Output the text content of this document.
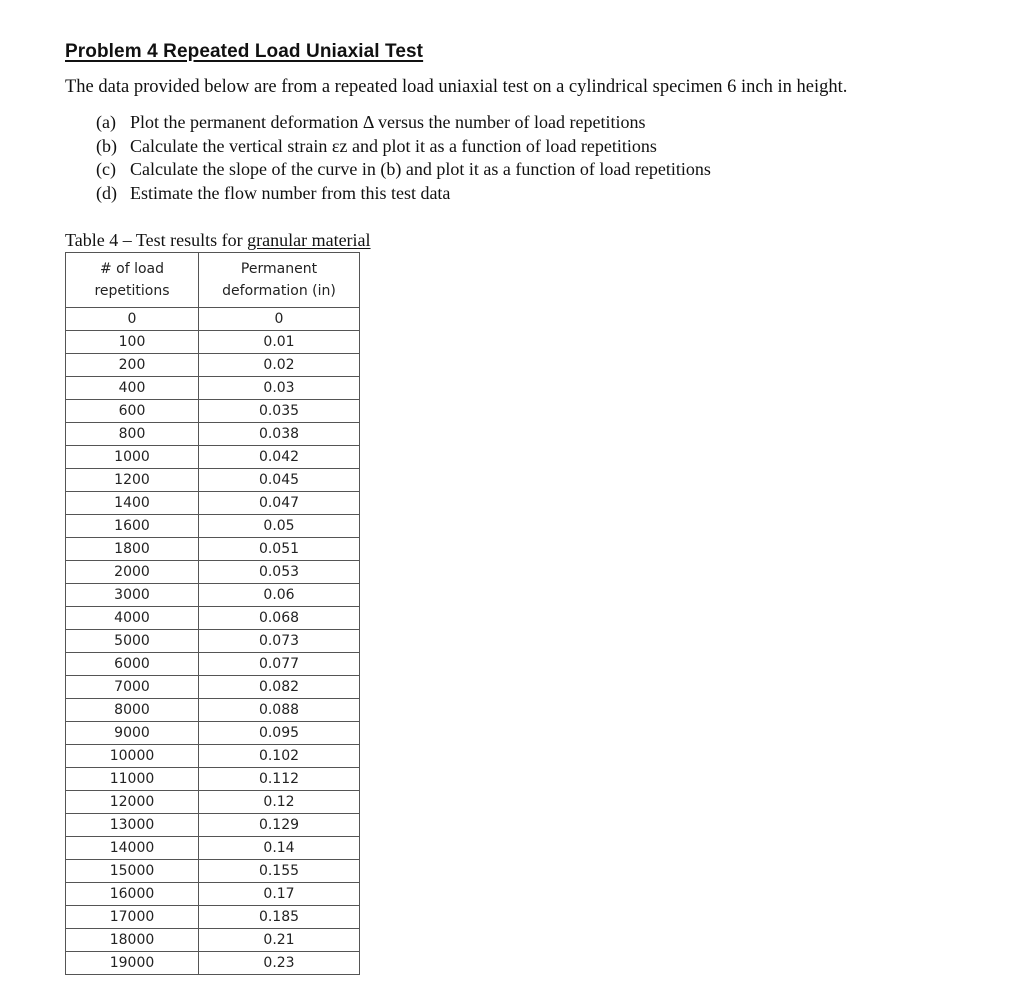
Problem 4 Repeated Load Uniaxial Test

The data provided below are from a repeated load uniaxial test on a cylindrical specimen 6 inch in height.

(a) Plot the permanent deformation Δ versus the number of load repetitions
(b) Calculate the vertical strain εz and plot it as a function of load repetitions
(c) Calculate the slope of the curve in (b) and plot it as a function of load repetitions
(d) Estimate the flow number from this test data

Table 4 – Test results for granular material

# of load
repetitions	Permanent
deformation (in)
0	0
100	0.01
200	0.02
400	0.03
600	0.035
800	0.038
1000	0.042
1200	0.045
1400	0.047
1600	0.05
1800	0.051
2000	0.053
3000	0.06
4000	0.068
5000	0.073
6000	0.077
7000	0.082
8000	0.088
9000	0.095
10000	0.102
11000	0.112
12000	0.12
13000	0.129
14000	0.14
15000	0.155
16000	0.17
17000	0.185
18000	0.21
19000	0.23
